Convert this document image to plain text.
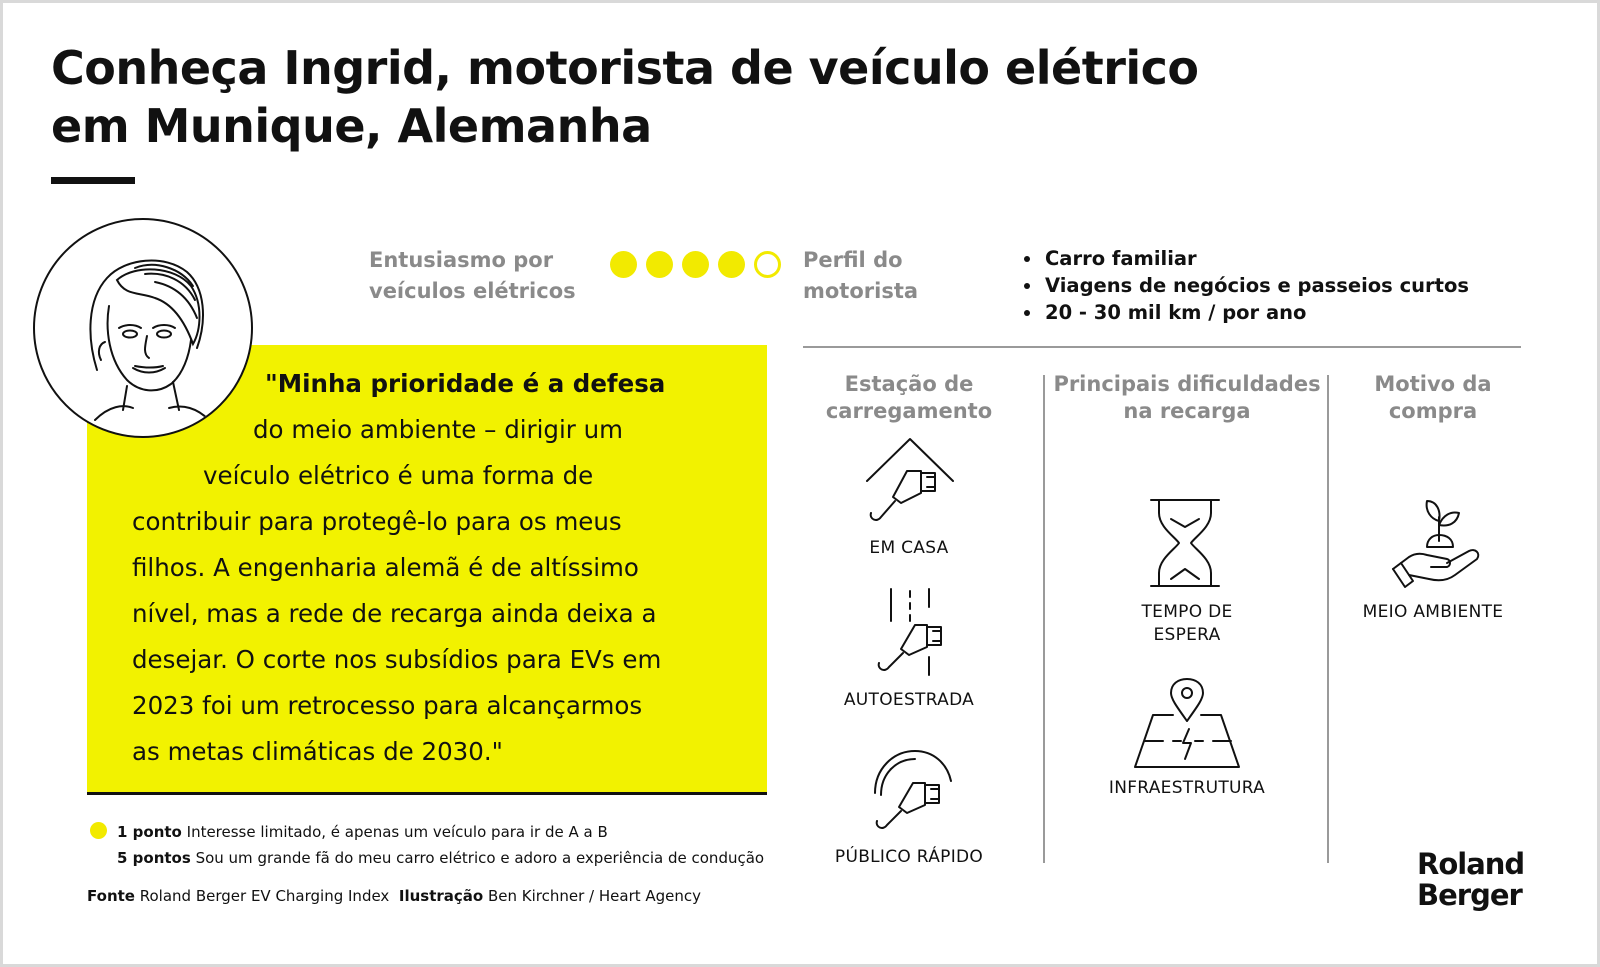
Conheça Ingrid, motorista de veículo elétrico
em Munique, Alemanha
"Minha prioridade é a defesa
do meio ambiente – dirigir um
veículo elétrico é uma forma de
contribuir para protegê-lo para os meus
filhos. A engenharia alemã é de altíssimo
nível, mas a rede de recarga ainda deixa a
desejar. O corte nos subsídios para EVs em
2023 foi um retrocesso para alcançarmos
as metas climáticas de 2030."
Entusiasmo por
veículos elétricos
Perfil do
motorista
• Carro familiar
• Viagens de negócios e passeios curtos
• 20 - 30 mil km / por ano
Estação de
carregamento
Principais dificuldades
na recarga
Motivo da
compra
EM CASA
AUTOESTRADA
PÚBLICO RÁPIDO
TEMPO DE
ESPERA
INFRAESTRUTURA
MEIO AMBIENTE
1 ponto Interesse limitado, é apenas um veículo para ir de A a B
5 pontos Sou um grande fã do meu carro elétrico e adoro a experiência de condução
Fonte Roland Berger EV Charging Index Ilustração Ben Kirchner / Heart Agency
Roland
Berger
